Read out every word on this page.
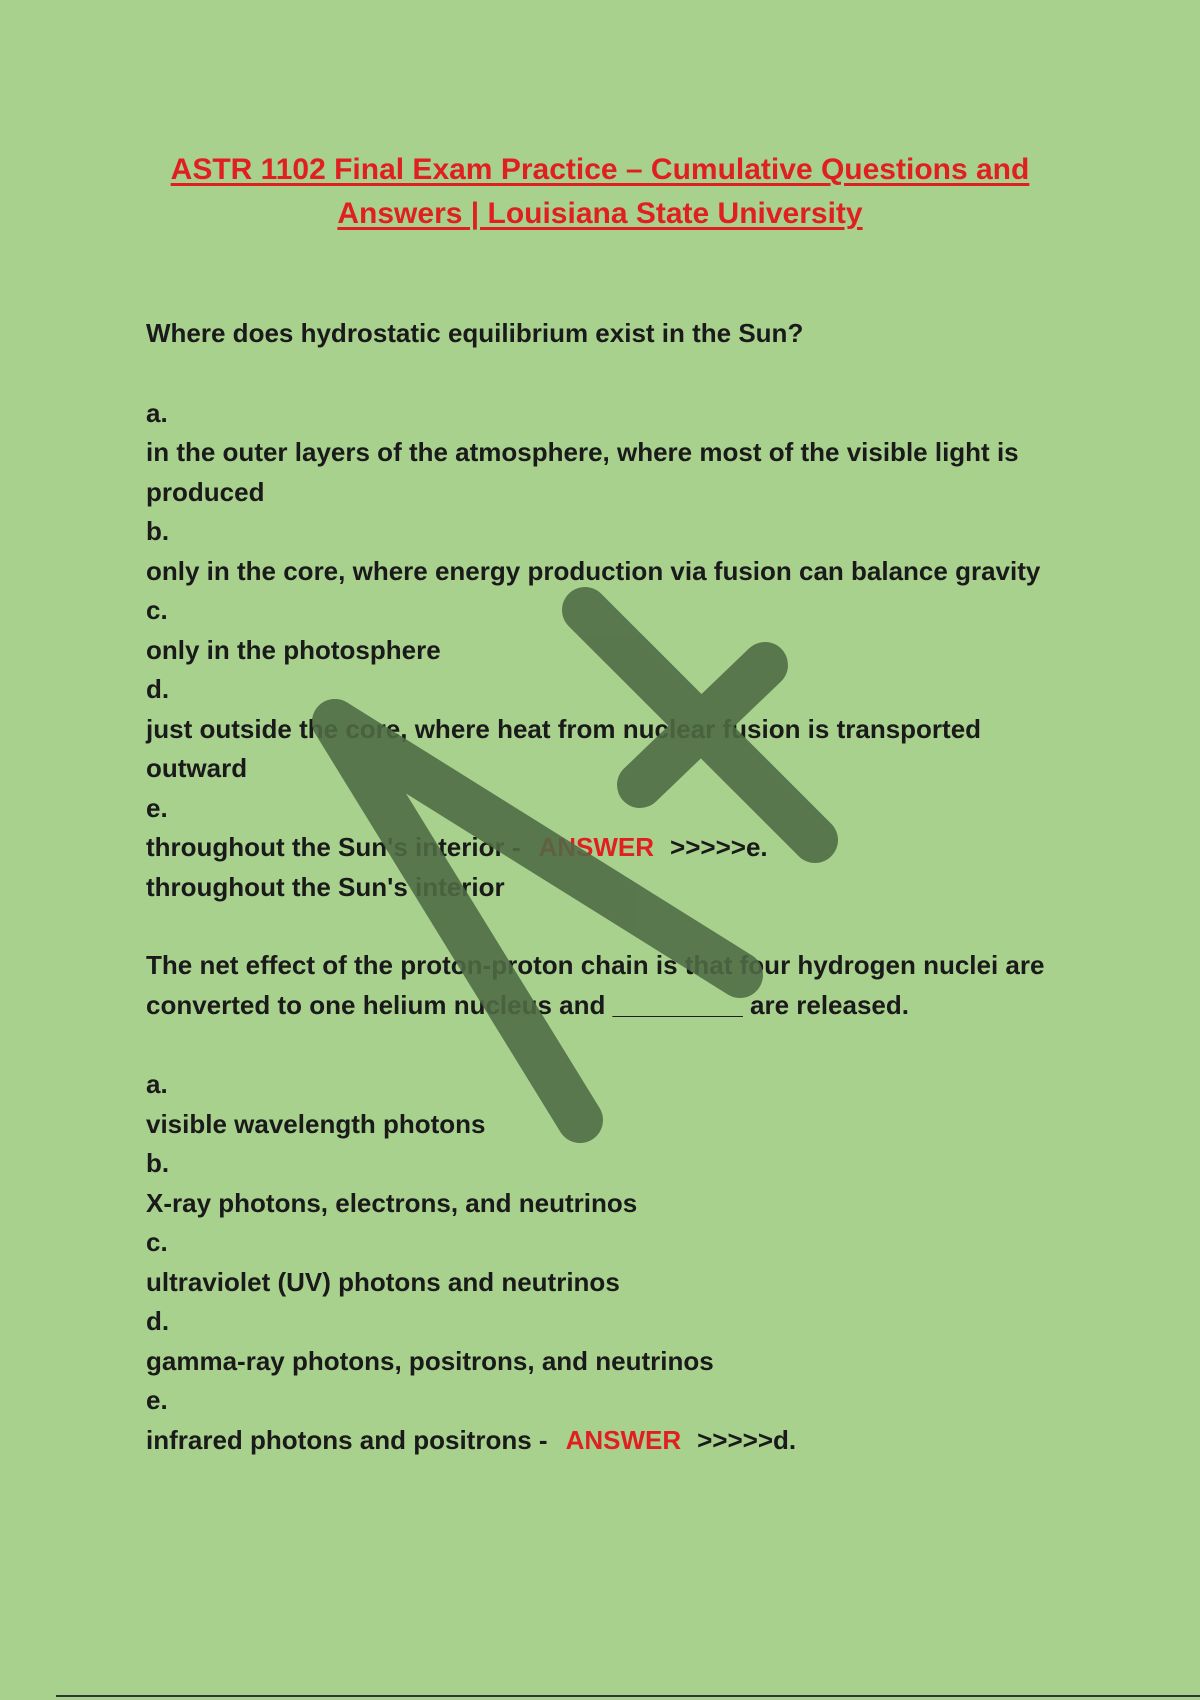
ASTR 1102 Final Exam Practice – Cumulative Questions and Answers | Louisiana State University

Where does hydrostatic equilibrium exist in the Sun?

a.

in the outer layers of the atmosphere, where most of the visible light is produced

b.

only in the core, where energy production via fusion can balance gravity

c.

only in the photosphere

d.

just outside the core, where heat from nuclear fusion is transported outward

e.

throughout the Sun's interior - ANSWER >>>>>e.

throughout the Sun's interior

The net effect of the proton-proton chain is that four hydrogen nuclei are converted to one helium nucleus and _________ are released.

a.

visible wavelength photons

b.

X-ray photons, electrons, and neutrinos

c.

ultraviolet (UV) photons and neutrinos

d.

gamma-ray photons, positrons, and neutrinos

e.

infrared photons and positrons - ANSWER >>>>>d.
